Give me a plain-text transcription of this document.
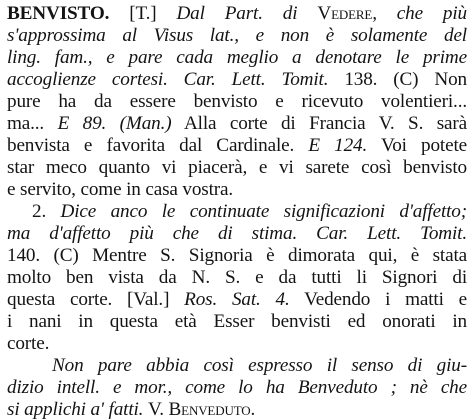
BENVISTO. [T.] Dal Part. di Vedere, che più
s'approssima al Visus lat., e non è solamente del
ling. fam., e pare cada meglio a denotare le prime
accoglienze cortesi. Car. Lett. Tomit. 138. (C) Non
pure ha da essere benvisto e ricevuto volentieri...
ma... E 89. (Man.) Alla corte di Francia V. S. sarà
benvista e favorita dal Cardinale. E 124. Voi potete
star meco quanto vi piacerà, e vi sarete così benvisto
e servito, come in casa vostra.
2. Dice anco le continuate significazioni d'affetto;
ma d'affetto più che di stima. Car. Lett. Tomit.
140. (C) Mentre S. Signoria è dimorata qui, è stata
molto ben vista da N. S. e da tutti li Signori di
questa corte. [Val.] Ros. Sat. 4. Vedendo i matti e
i nani in questa età Esser benvisti ed onorati in
corte.
Non pare abbia così espresso il senso di giu-
dizio intell. e mor., come lo ha Benveduto ; nè che
si applichi a' fatti. V. Benveduto.
